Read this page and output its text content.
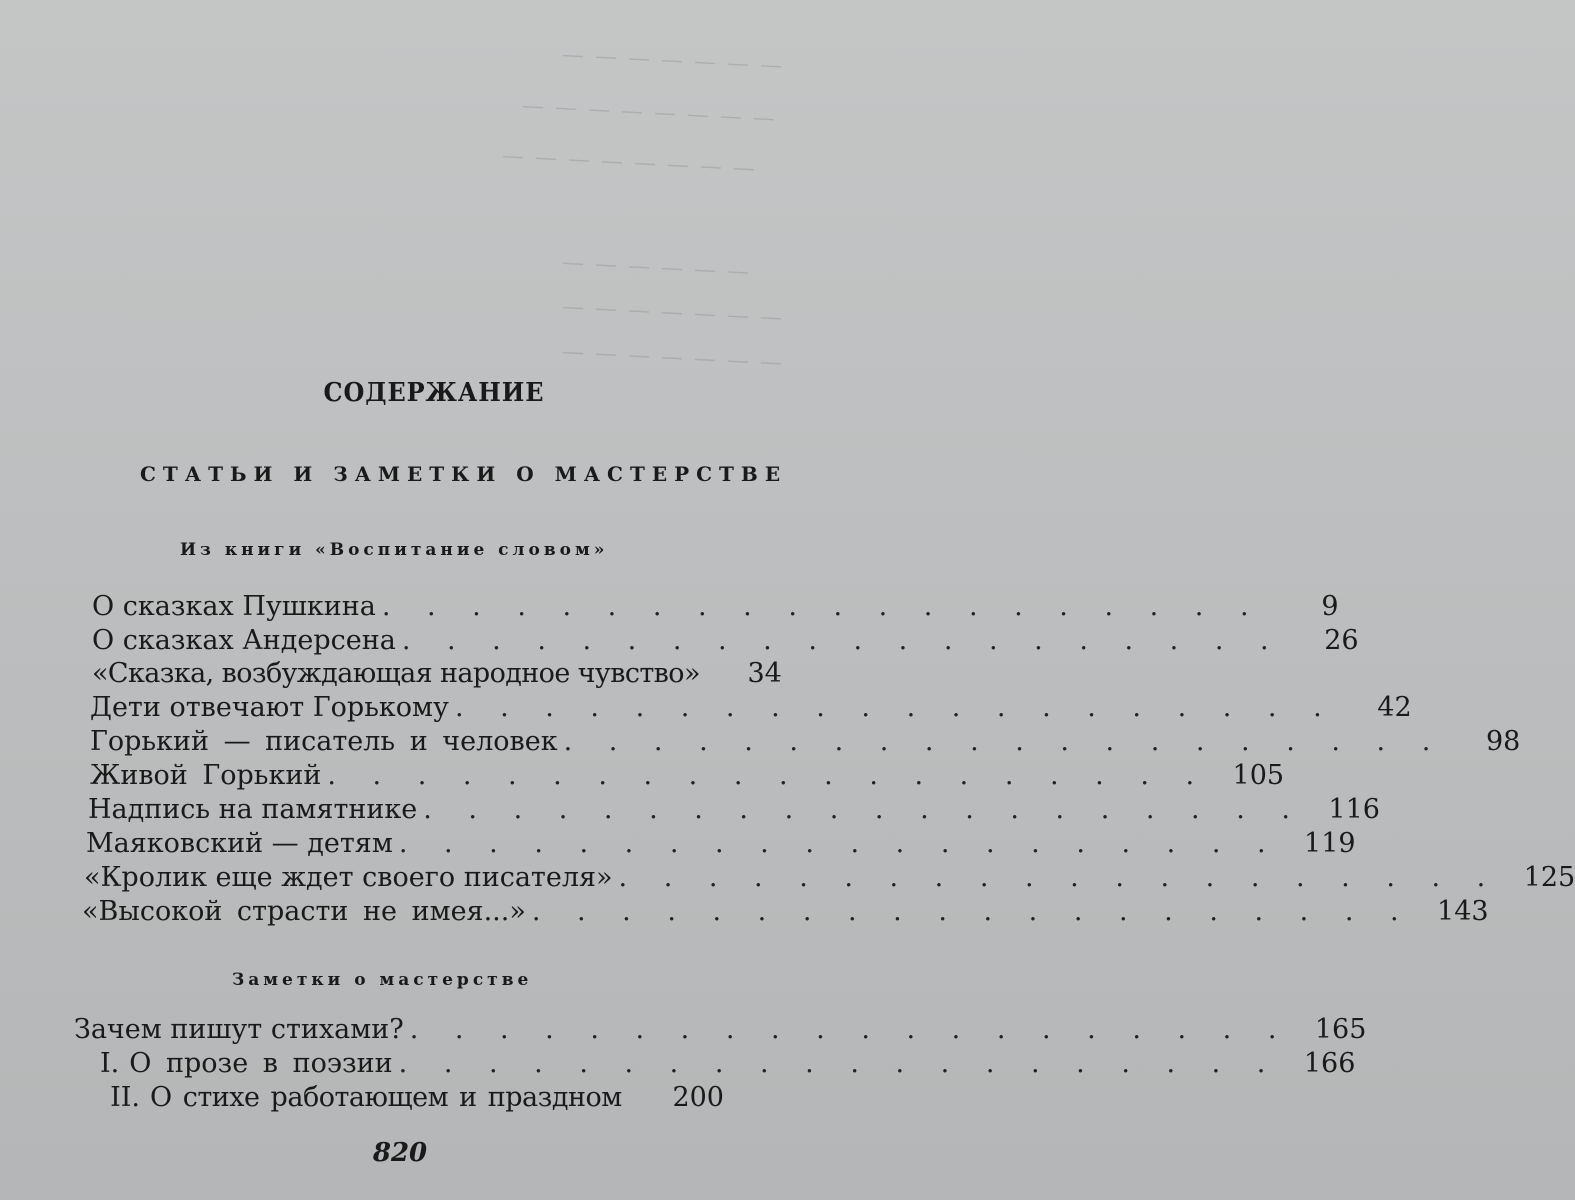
— — — — — — —
— — — — — — — —
— — — — — — — —
— — — — — —
— — — — — — —
— — — — — — —
СОДЕРЖАНИЕ
СТАТЬИ И ЗАМЕТКИ О МАСТЕРСТВЕ
Из книги «Воспитание словом»
О сказках Пушкина . . . . . . . . . . . . . . . . . . . .	9
О сказках Андерсена . . . . . . . . . . . . . . . . . . . .	26
«Сказка, возбуждающая народное чувство»	34
Дети отвечают Горькому . . . . . . . . . . . . . . . . . . . .	42
Горький — писатель и человек . . . . . . . . . . . . . . . . . . . .	98
Живой Горький . . . . . . . . . . . . . . . . . . . . 105
Надпись на памятнике . . . . . . . . . . . . . . . . . . . . 116
Маяковский — детям . . . . . . . . . . . . . . . . . . . . 119
«Кролик еще ждет своего писателя» . . . . . . . . . . . . . . . . . . . . 125
«Высокой страсти не имея...» . . . . . . . . . . . . . . . . . . . . 143
Заметки о мастерстве
Зачем пишут стихами? . . . . . . . . . . . . . . . . . . . . 165
I. О прозе в поэзии . . . . . . . . . . . . . . . . . . . . 166
II. О стихе работающем и праздном	200
820
